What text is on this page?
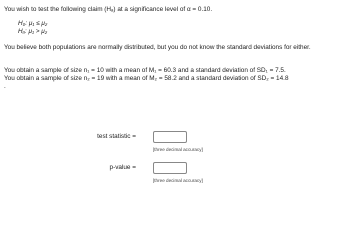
You wish to test the following claim (Hₐ) at a significance level of α = 0.10.
H₀: μ₁ ≤ μ₂
Hₐ: μ₁ > μ₂
You believe both populations are normally distributed, but you do not know the standard deviations for either.
You obtain a sample of size n₁ = 10 with a mean of M₁ = 60.3 and a standard deviation of SD₁ = 7.5.
You obtain a sample of size n₂ = 19 with a mean of M₂ = 58.2 and a standard deviation of SD₂ = 14.8
.
test statistic =
[three decimal accuracy]
p-value =
[three decimal accuracy]
